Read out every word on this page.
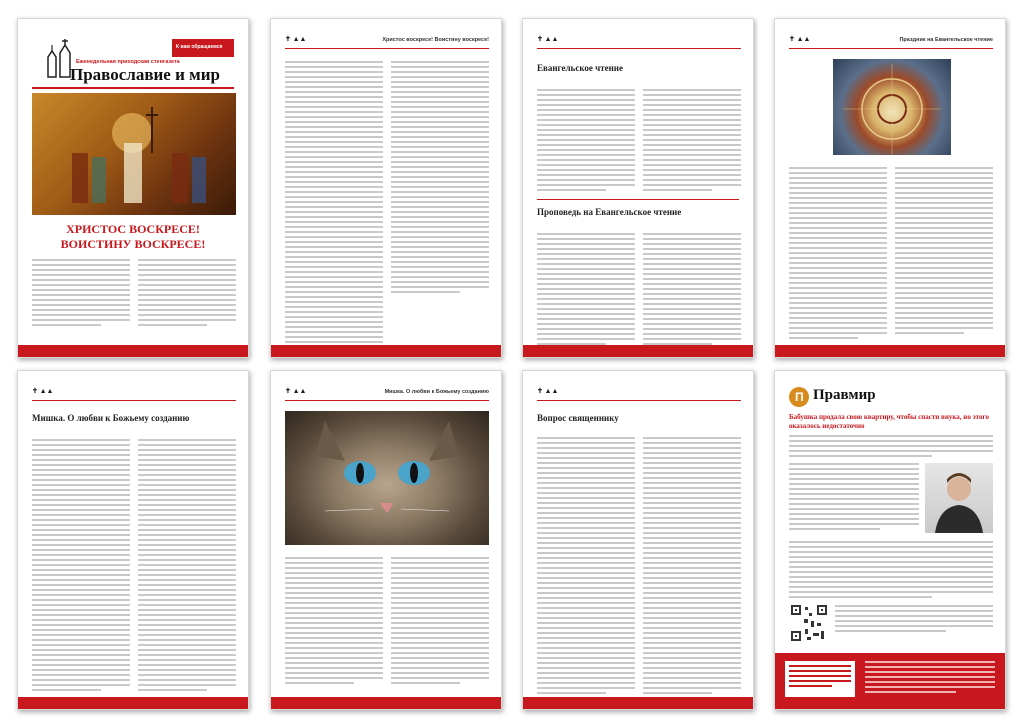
К вам обращаемся
Еженедельная приходская стенгазета
Православие и мир
ХРИСТОС ВОСКРЕСЕ!
ВОИСТИНУ ВОСКРЕСЕ!
✝ ▲▲	Христос воскресе! Воистину воскресе!	✝ ▲▲
Евангельское чтение
Проповедь на Евангельское чтение
✝ ▲▲	Праздник на Евангельское чтение
✝ ▲▲
Мишка. О любви к Божьему созданию
✝ ▲▲	Мишка. О любви к Божьему созданию	✝ ▲▲
Вопрос священнику
П Правмир
Бабушка продала свою квартиру, чтобы спасти внука, но этого оказалось недостаточно
